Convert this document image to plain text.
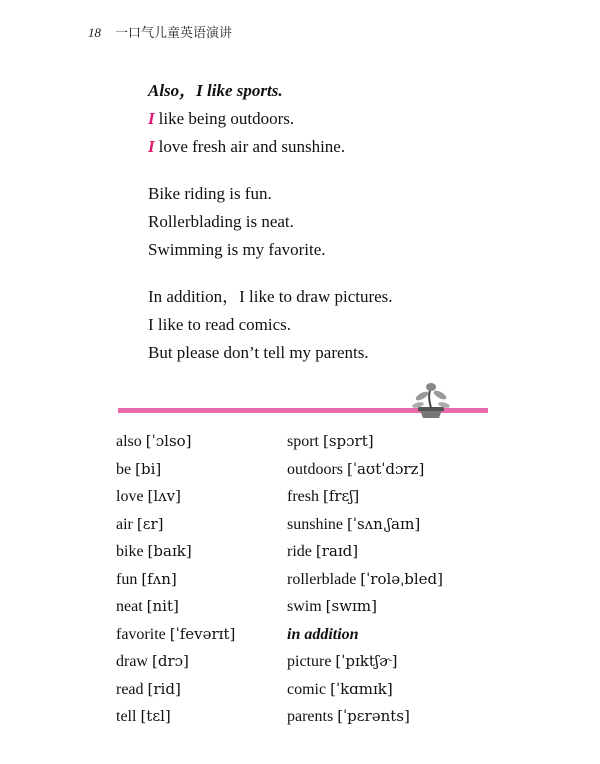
18 一口气儿童英语演讲
Also，I like sports.
I like being outdoors.
I love fresh air and sunshine.
Bike riding is fun.
Rollerblading is neat.
Swimming is my favorite.
In addition，I like to draw pictures.
I like to read comics.
But please don’t tell my parents.
also [ˈɔlso]
be [bi]
love [lʌv]
air [ɛr]
bike [baɪk]
fun [fʌn]
neat [nit]
favorite [ˈfevərɪt]
draw [drɔ]
read [rid]
tell [tɛl]
sport [spɔrt]
outdoors [ˈaʊtˈdɔrz]
fresh [frɛʃ]
sunshine [ˈsʌnˌʃaɪn]
ride [raɪd]
rollerblade [ˈroləˌbled]
swim [swɪm]
in addition
picture [ˈpɪktʃɚ]
comic [ˈkɑmɪk]
parents [ˈpɛrənts]
